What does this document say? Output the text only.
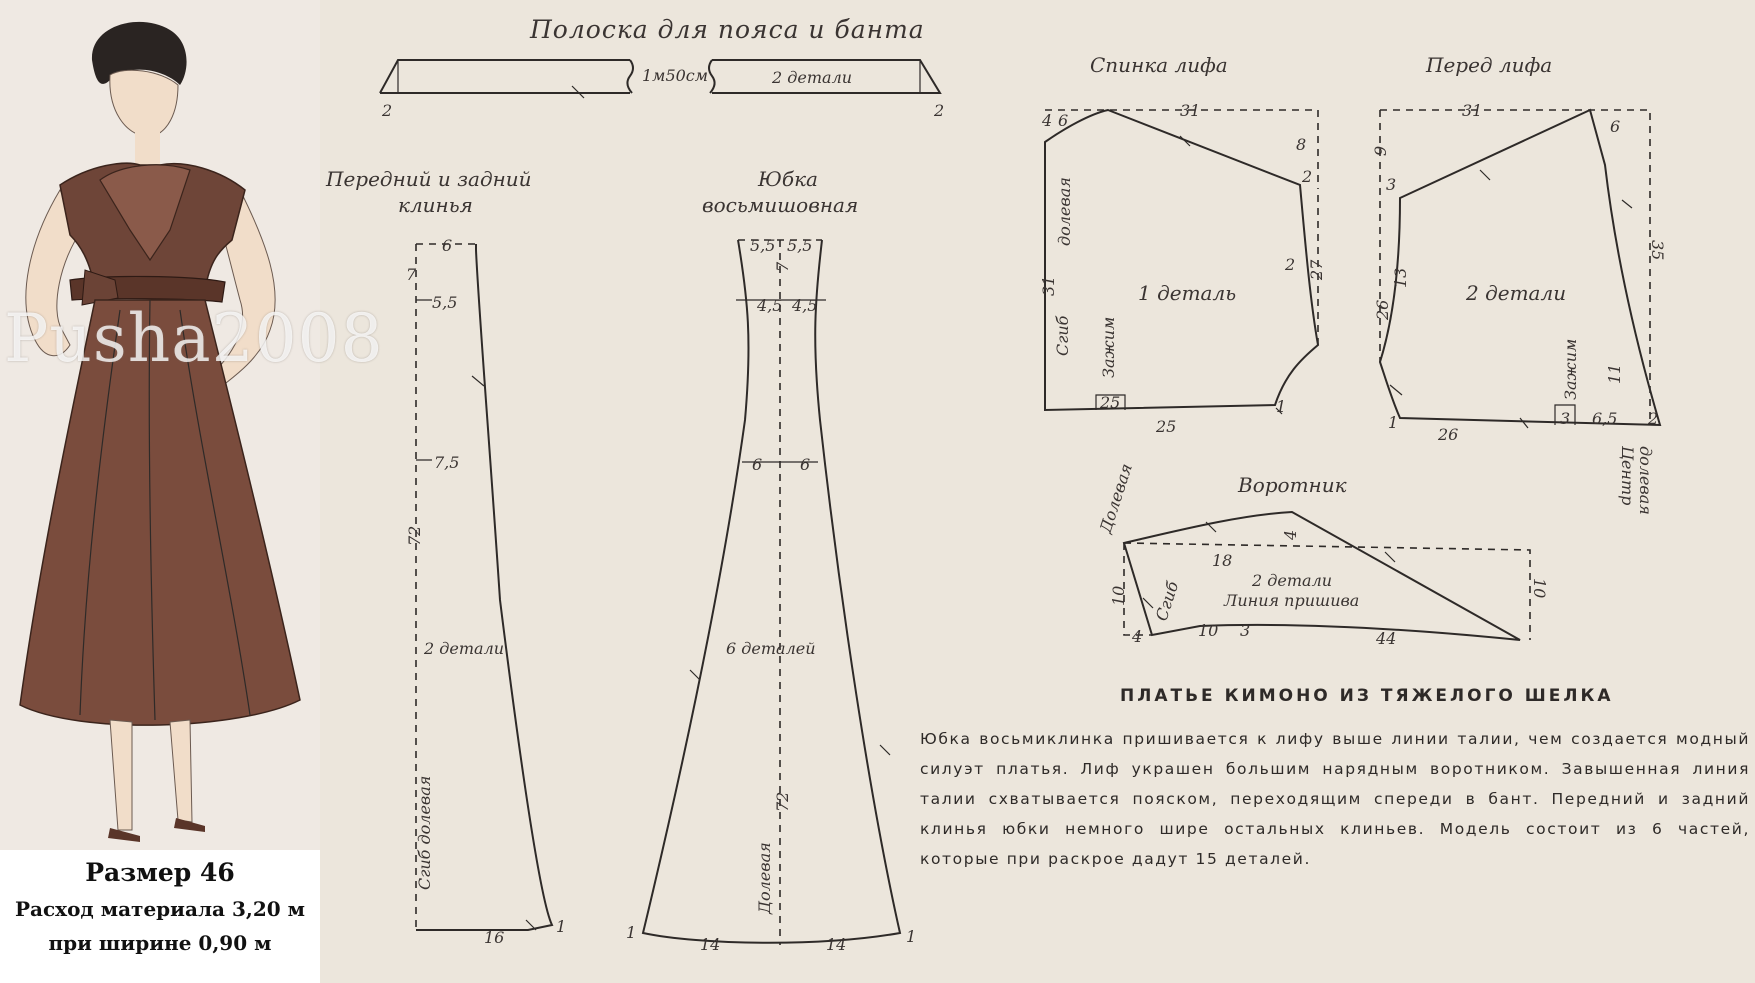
Pusha2008
Размер 46
Расход материала 3,20 м
при ширине 0,90 м
Полоска для пояса и банта
1м50см	2 детали
2	2
Передний и задний
клинья
6
7
5,5
7,5
72
2 детали
Сгиб долевая
16
1
Юбка
восьмишовная
5,5 5,5
7
4,5 4,5
6 6
72
6 деталей
Долевая
14	14
1	1
Спинка лифа
31
6
4
8
2
2 27
31
долевая
Сгиб
1 деталь
Зажим
25
25
1
Перед лифа
31
9
6
3
35
13
26
2 детали
Зажим
26
1	3 6,5 2
11
Центр долевая
Воротник
Долевая
18
4
2 детали
Линия пришива
Сгиб
10	10
4	10 3	44
ПЛАТЬЕ КИМОНО ИЗ ТЯЖЕЛОГО ШЕЛКА

Юбка восьмиклинка пришивается к лифу выше линии талии, чем создается модный силуэт платья. Лиф украшен большим нарядным воротником. Завышенная линия талии схватывается пояском, переходящим спереди в бант. Передний и задний клинья юбки немного шире остальных клиньев. Модель состоит из 6 частей, которые при раскрое дадут 15 деталей.
